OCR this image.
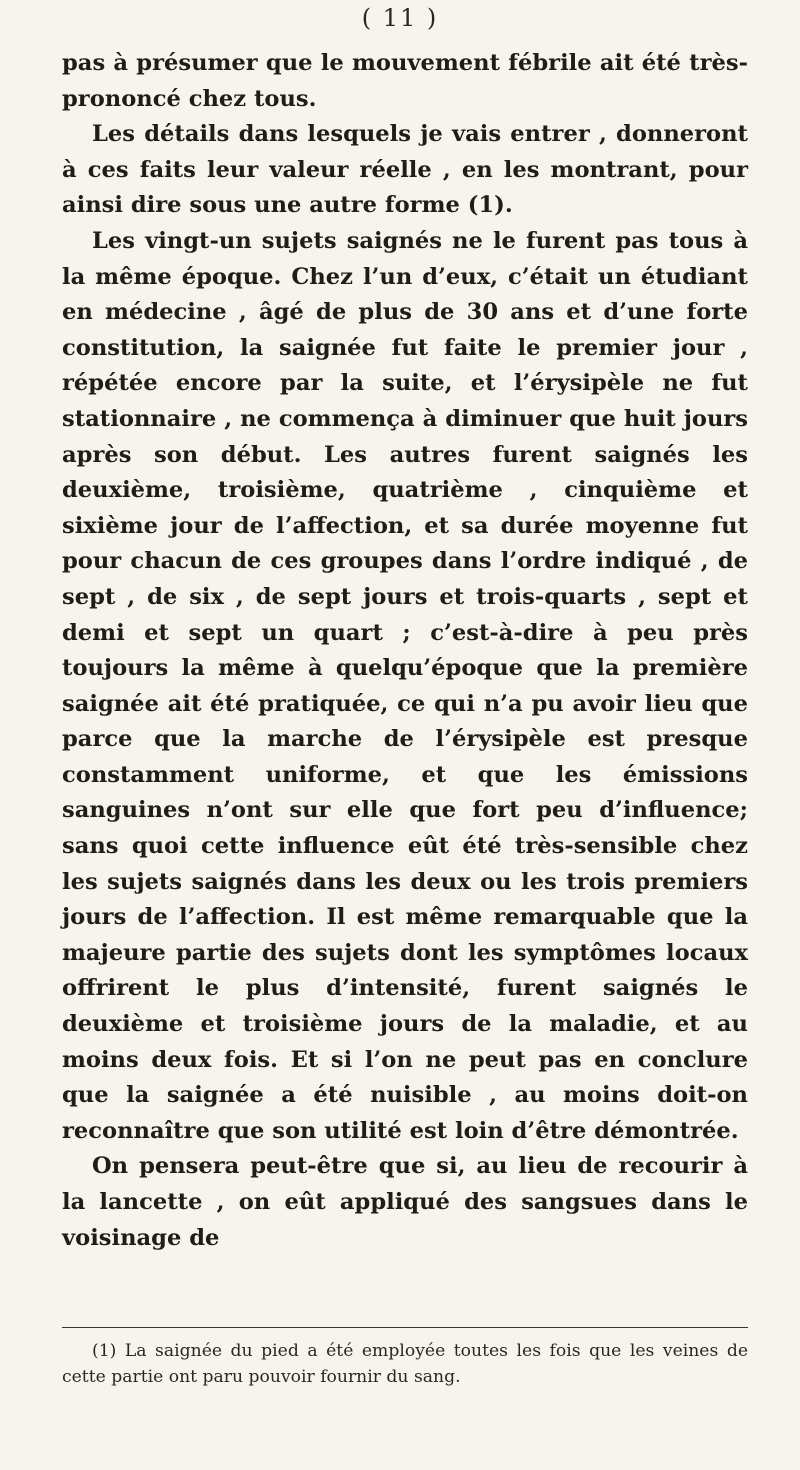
( 11 )

pas à présumer que le mouvement fébrile ait été très-prononcé chez tous.

Les détails dans lesquels je vais entrer , donneront à ces faits leur valeur réelle , en les montrant, pour ainsi dire sous une autre forme (1).

Les vingt-un sujets saignés ne le furent pas tous à la même époque. Chez l’un d’eux, c’était un étudiant en médecine , âgé de plus de 30 ans et d’une forte constitution, la saignée fut faite le premier jour , répétée encore par la suite, et l’érysipèle ne fut stationnaire , ne commença à diminuer que huit jours après son début. Les autres furent saignés les deuxième, troisième, quatrième , cinquième et sixième jour de l’affection, et sa durée moyenne fut pour chacun de ces groupes dans l’ordre indiqué , de sept , de six , de sept jours et trois-quarts , sept et demi et sept un quart ; c’est-à-dire à peu près toujours la même à quelqu’époque que la première saignée ait été pratiquée, ce qui n’a pu avoir lieu que parce que la marche de l’érysipèle est presque constamment uniforme, et que les émissions sanguines n’ont sur elle que fort peu d’influence; sans quoi cette influence eût été très-sensible chez les sujets saignés dans les deux ou les trois premiers jours de l’affection. Il est même remarquable que la majeure partie des sujets dont les symptômes locaux offrirent le plus d’intensité, furent saignés le deuxième et troisième jours de la maladie, et au moins deux fois. Et si l’on ne peut pas en conclure que la saignée a été nuisible , au moins doit-on reconnaître que son utilité est loin d’être démontrée.

On pensera peut-être que si, au lieu de recourir à la lancette , on eût appliqué des sangsues dans le voisinage de

(1) La saignée du pied a été employée toutes les fois que les veines de cette partie ont paru pouvoir fournir du sang.
